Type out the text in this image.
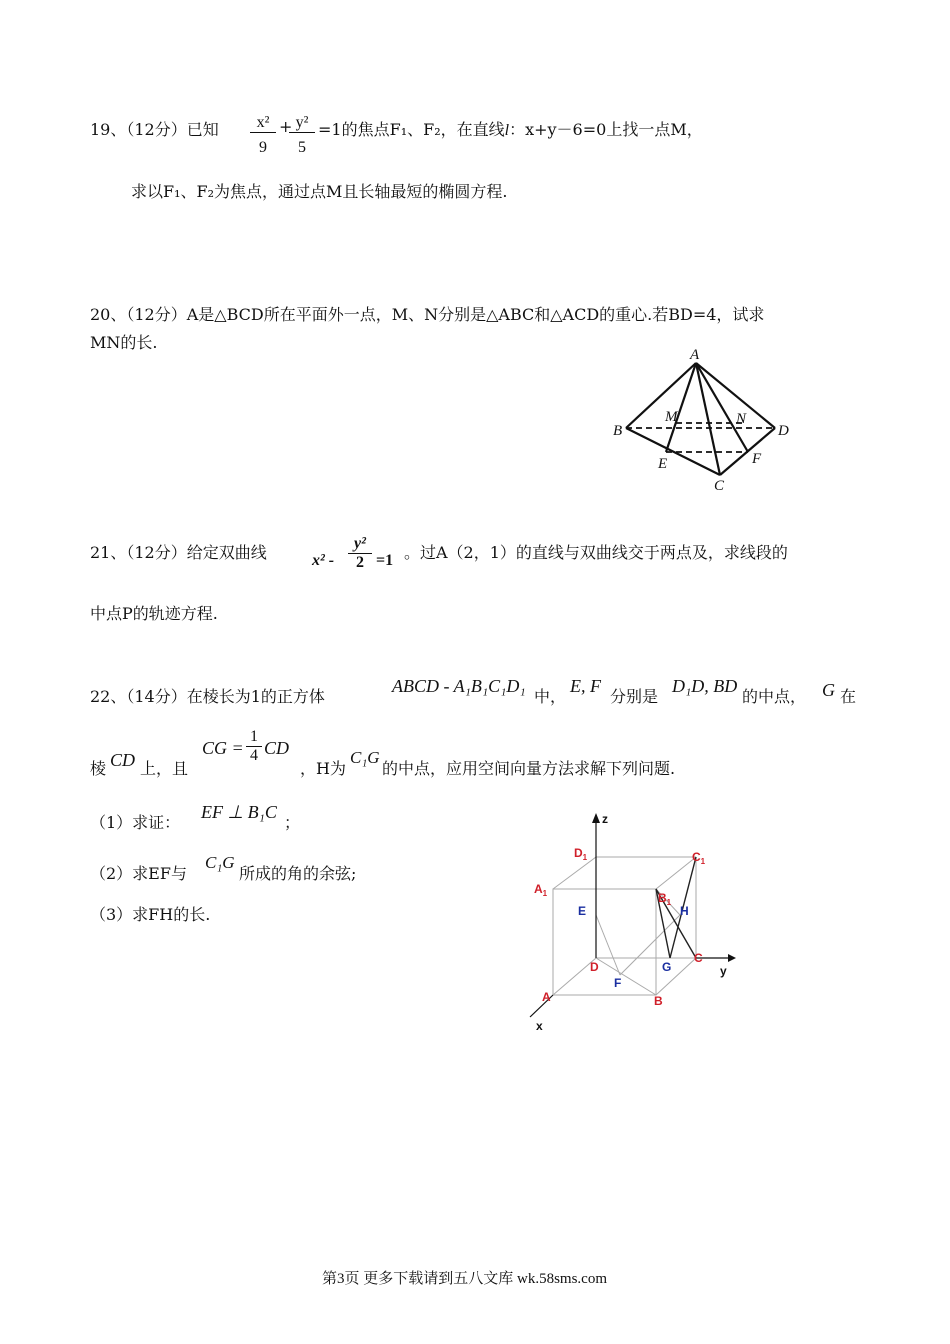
19、（12分）已知 $\frac{\text{x²}}{9}$ +
$\frac{\text{y²}}{5} =1$的焦点F₁、F₂，在直线l：x+y－6=0上找一点M，
求以F₁、F₂为焦点，通过点M且长轴最短的椭圆方程.
20、（12分）A是△BCD所在平面外一点，M、N分别是△ABC和△ACD的重心.若BD=4，试求
MN的长.
A
B	D
M	N
E	F
C
21、（12分）给定双曲线	$x^2 - \frac{\text{y²}}{2} =1$ 。过A（2，1）的直线与双曲线交于两点及，求线段的
中点P的轨迹方程.
22、（14分）在棱长为1的正方体
ABCD - A₁B₁C₁D₁
中，
E, F
分别是
D₁D, BD
的中点， G 在
棱 CD 上，且
CG = $\frac{1}{4}$ CD
，H为
C₁G
的中点，应用空间向量方法求解下列问题.
（1）求证：
EF ⊥ B₁C
；
（2）求EF与
C₁G
所成的角的余弦;
（3）求FH的长.
z
y
x
$D_1$	$C_1$
$A_1$	$B_1$
E	H
D	G
C
F
A	B
第3页 更多下载请到五八文库 wk.58sms.com
